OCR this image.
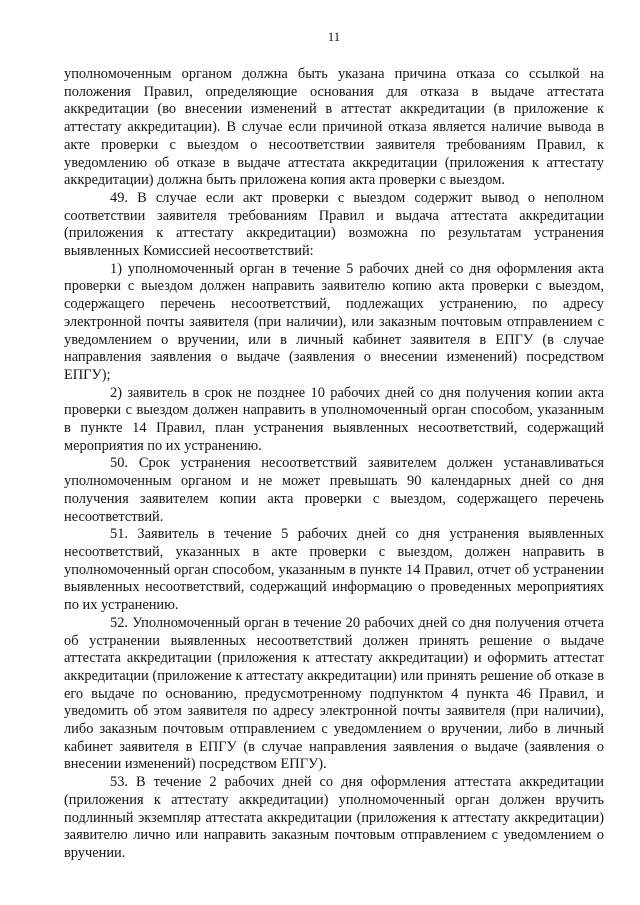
11

уполномоченным органом должна быть указана причина отказа со ссылкой на положения Правил, определяющие основания для отказа в выдаче аттестата аккредитации (во внесении изменений в аттестат аккредитации (в приложение к аттестату аккредитации). В случае если причиной отказа является наличие вывода в акте проверки с выездом о несоответствии заявителя требованиям Правил, к уведомлению об отказе в выдаче аттестата аккредитации (приложения к аттестату аккредитации) должна быть приложена копия акта проверки с выездом.

49. В случае если акт проверки с выездом содержит вывод о неполном соответствии заявителя требованиям Правил и выдача аттестата аккредитации (приложения к аттестату аккредитации) возможна по результатам устранения выявленных Комиссией несоответствий:

1) уполномоченный орган в течение 5 рабочих дней со дня оформления акта проверки с выездом должен направить заявителю копию акта проверки с выездом, содержащего перечень несоответствий, подлежащих устранению, по адресу электронной почты заявителя (при наличии), или заказным почтовым отправлением с уведомлением о вручении, или в личный кабинет заявителя в ЕПГУ (в случае направления заявления о выдаче (заявления о внесении изменений) посредством ЕПГУ);

2) заявитель в срок не позднее 10 рабочих дней со дня получения копии акта проверки с выездом должен направить в уполномоченный орган способом, указанным в пункте 14 Правил, план устранения выявленных несоответствий, содержащий мероприятия по их устранению.

50. Срок устранения несоответствий заявителем должен устанавливаться уполномоченным органом и не может превышать 90 календарных дней со дня получения заявителем копии акта проверки с выездом, содержащего перечень несоответствий.

51. Заявитель в течение 5 рабочих дней со дня устранения выявленных несоответствий, указанных в акте проверки с выездом, должен направить в уполномоченный орган способом, указанным в пункте 14 Правил, отчет об устранении выявленных несоответствий, содержащий информацию о проведенных мероприятиях по их устранению.

52. Уполномоченный орган в течение 20 рабочих дней со дня получения отчета об устранении выявленных несоответствий должен принять решение о выдаче аттестата аккредитации (приложения к аттестату аккредитации) и оформить аттестат аккредитации (приложение к аттестату аккредитации) или принять решение об отказе в его выдаче по основанию, предусмотренному подпунктом 4 пункта 46 Правил, и уведомить об этом заявителя по адресу электронной почты заявителя (при наличии), либо заказным почтовым отправлением с уведомлением о вручении, либо в личный кабинет заявителя в ЕПГУ (в случае направления заявления о выдаче (заявления о внесении изменений) посредством ЕПГУ).

53. В течение 2 рабочих дней со дня оформления аттестата аккредитации (приложения к аттестату аккредитации) уполномоченный орган должен вручить подлинный экземпляр аттестата аккредитации (приложения к аттестату аккредитации) заявителю лично или направить заказным почтовым отправлением с уведомлением о вручении.
